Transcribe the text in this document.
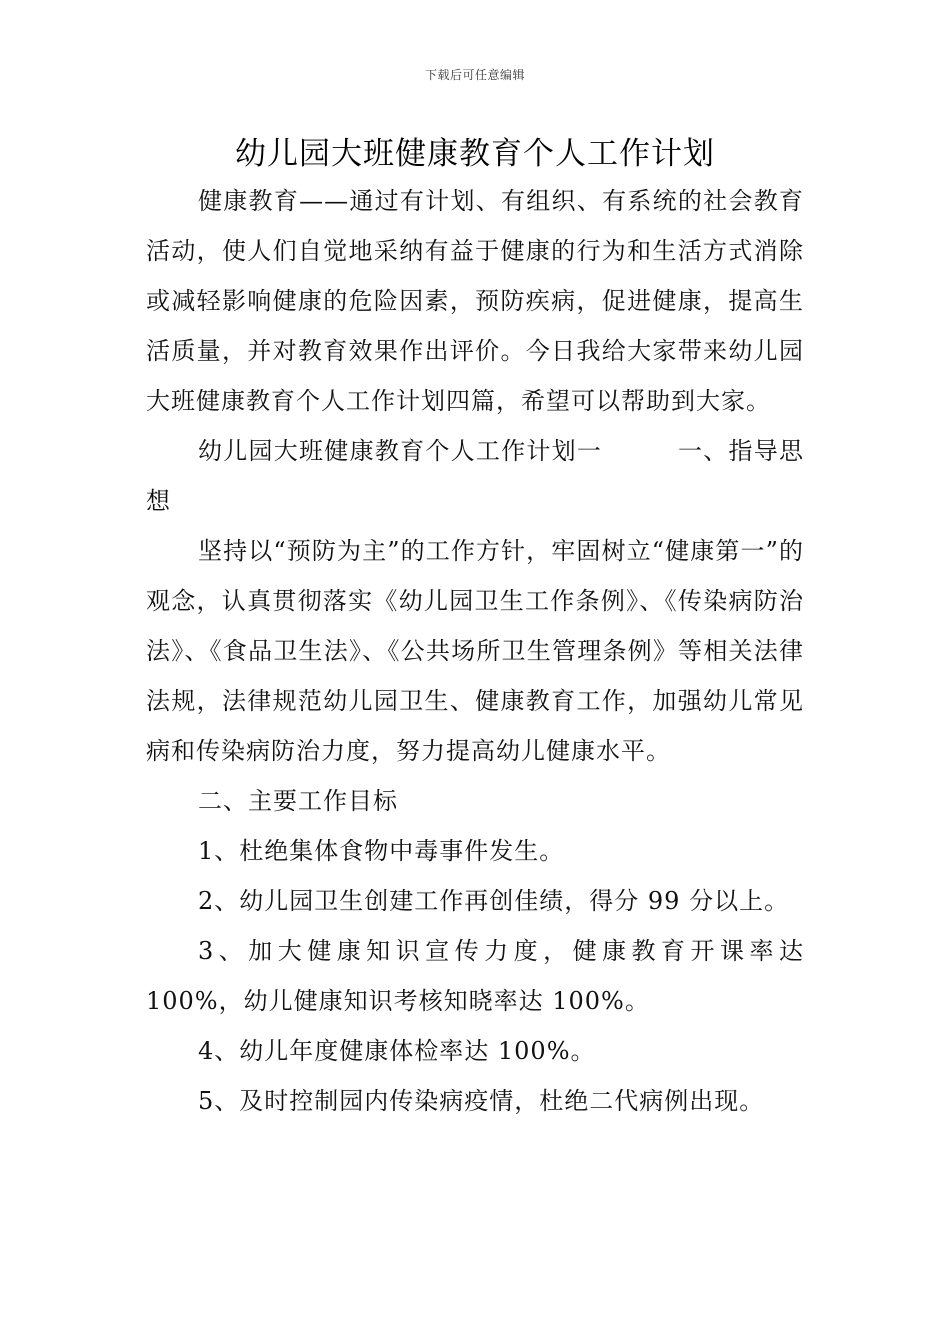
下载后可任意编辑
幼儿园大班健康教育个人工作计划

健康教育——通过有计划、有组织、有系统的社会教育活动，使人们自觉地采纳有益于健康的行为和生活方式消除或减轻影响健康的危险因素，预防疾病，促进健康，提高生活质量，并对教育效果作出评价。今日我给大家带来幼儿园大班健康教育个人工作计划四篇，希望可以帮助到大家。

幼儿园大班健康教育个人工作计划一　　　一、指导思想

坚持以“预防为主”的工作方针，牢固树立“健康第一”的观念，认真贯彻落实《幼儿园卫生工作条例》、《传染病防治法》、《食品卫生法》、《公共场所卫生管理条例》等相关法律法规，法律规范幼儿园卫生、健康教育工作，加强幼儿常见病和传染病防治力度，努力提高幼儿健康水平。

二、主要工作目标

1、杜绝集体食物中毒事件发生。

2、幼儿园卫生创建工作再创佳绩，得分 99 分以上。

3、加大健康知识宣传力度，健康教育开课率达 100%，幼儿健康知识考核知晓率达 100%。

4、幼儿年度健康体检率达 100%。

5、及时控制园内传染病疫情，杜绝二代病例出现。
